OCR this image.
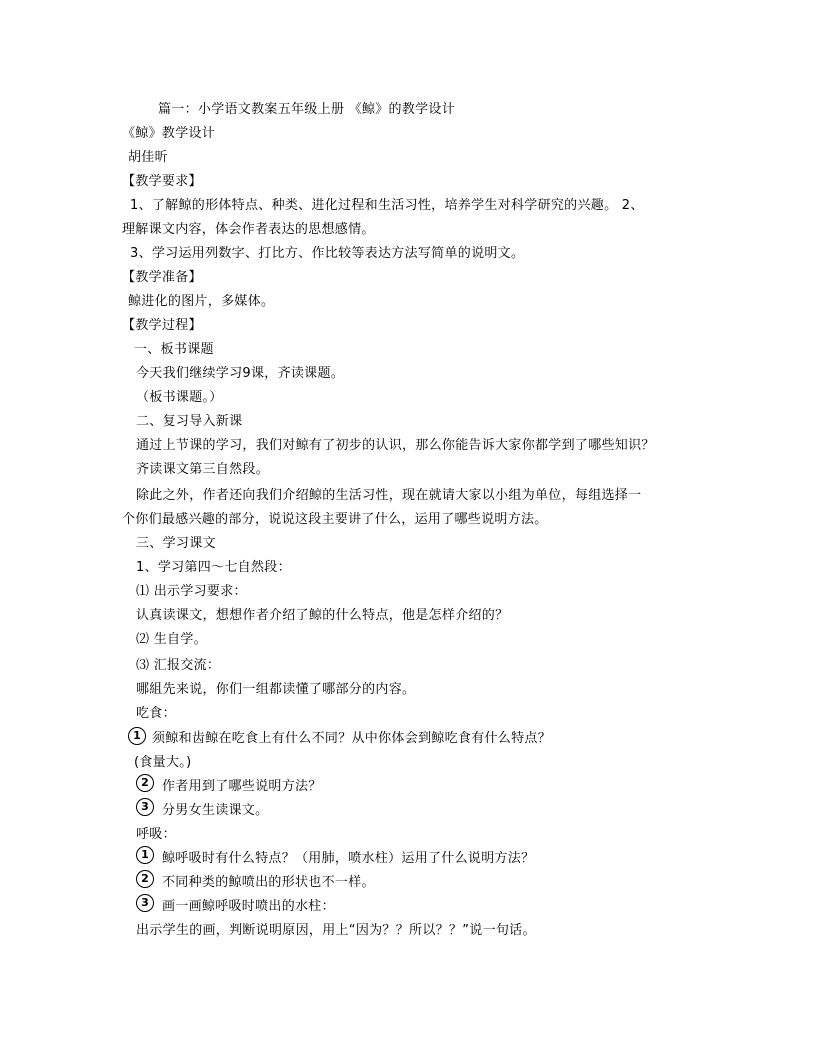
篇一：小学语文教案五年级上册 《鲸》的教学设计
《鲸》教学设计
胡佳昕
【教学要求】
1、了解鲸的形体特点、种类、进化过程和生活习性，培养学生对科学研究的兴趣。 2、
理解课文内容，体会作者表达的思想感情。
3、学习运用列数字、打比方、作比较等表达方法写简单的说明文。
【教学准备】
鲸进化的图片，多媒体。
【教学过程】
一、板书课题
今天我们继续学习9课，齐读课题。
（板书课题。）
二、复习导入新课
通过上节课的学习，我们对鲸有了初步的认识，那么你能告诉大家你都学到了哪些知识？
齐读课文第三自然段。
除此之外，作者还向我们介绍鲸的生活习性，现在就请大家以小组为单位，每组选择一
个你们最感兴趣的部分，说说这段主要讲了什么，运用了哪些说明方法。
三、学习课文
1、学习第四～七自然段：
⑴ 出示学习要求：
认真读课文，想想作者介绍了鲸的什么特点，他是怎样介绍的？
⑵ 生自学。
⑶ 汇报交流：
哪組先来说，你们一组都读懂了哪部分的内容。
吃食：
1 须鲸和齿鲸在吃食上有什么不同？从中你体会到鲸吃食有什么特点？
(食量大。)
2	作者用到了哪些说明方法？
3	分男女生读课文。
呼吸：
1	鲸呼吸时有什么特点？（用肺，喷水柱）运用了什么说明方法？
2	不同种类的鲸喷出的形状也不一样。
3	画一画鲸呼吸时喷出的水柱：
出示学生的画，判断说明原因，用上“因为？？所以？？”说一句话。
